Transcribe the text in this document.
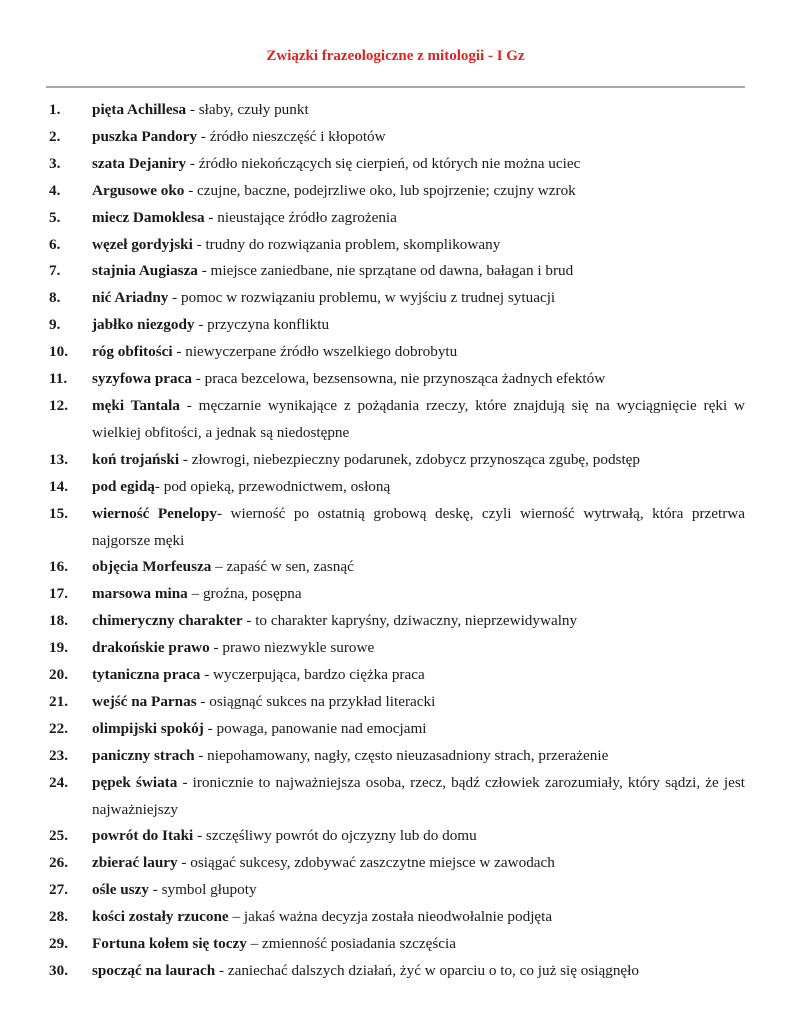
Związki frazeologiczne z mitologii - I Gz
1.	pięta Achillesa - słaby, czuły punkt
2.	puszka Pandory - źródło nieszczęść i kłopotów
3.	szata Dejaniry - źródło niekończących się cierpień, od których nie można uciec
4.	Argusowe oko - czujne, baczne, podejrzliwe oko, lub spojrzenie; czujny wzrok
5.	miecz Damoklesa - nieustające źródło zagrożenia
6.	węzeł gordyjski - trudny do rozwiązania problem, skomplikowany
7.	stajnia Augiasza - miejsce zaniedbane, nie sprzątane od dawna, bałagan i brud
8.	nić Ariadny - pomoc w rozwiązaniu problemu, w wyjściu z trudnej sytuacji
9.	jabłko niezgody - przyczyna konfliktu
10.	róg obfitości - niewyczerpane źródło wszelkiego dobrobytu
11.	syzyfowa praca - praca bezcelowa, bezsensowna, nie przynosząca żadnych efektów
12.	męki Tantala - męczarnie wynikające z pożądania rzeczy, które znajdują się na wyciągnięcie ręki w wielkiej obfitości, a jednak są niedostępne
13.	koń trojański - złowrogi, niebezpieczny podarunek, zdobycz przynosząca zgubę, podstęp
14.	pod egidą- pod opieką, przewodnictwem, osłoną
15.	wierność Penelopy- wierność po ostatnią grobową deskę, czyli wierność wytrwałą, która przetrwa najgorsze męki
16.	objęcia Morfeusza – zapaść w sen, zasnąć
17.	marsowa mina – groźna, posępna
18.	chimeryczny charakter - to charakter kapryśny, dziwaczny, nieprzewidywalny
19.	drakońskie prawo - prawo niezwykle surowe
20.	tytaniczna praca - wyczerpująca, bardzo ciężka praca
21.	wejść na Parnas - osiągnąć sukces na przykład literacki
22.	olimpijski spokój - powaga, panowanie nad emocjami
23.	paniczny strach - niepohamowany, nagły, często nieuzasadniony strach, przerażenie
24.	pępek świata - ironicznie to najważniejsza osoba, rzecz, bądź człowiek zarozumiały, który sądzi, że jest najważniejszy
25.	powrót do Itaki - szczęśliwy powrót do ojczyzny lub do domu
26.	zbierać laury - osiągać sukcesy, zdobywać zaszczytne miejsce w zawodach
27.	ośle uszy - symbol głupoty
28.	kości zostały rzucone – jakaś ważna decyzja została nieodwołalnie podjęta
29.	Fortuna kołem się toczy – zmienność posiadania szczęścia
30.	spocząć na laurach - zaniechać dalszych działań, żyć w oparciu o to, co już się osiągnęło
